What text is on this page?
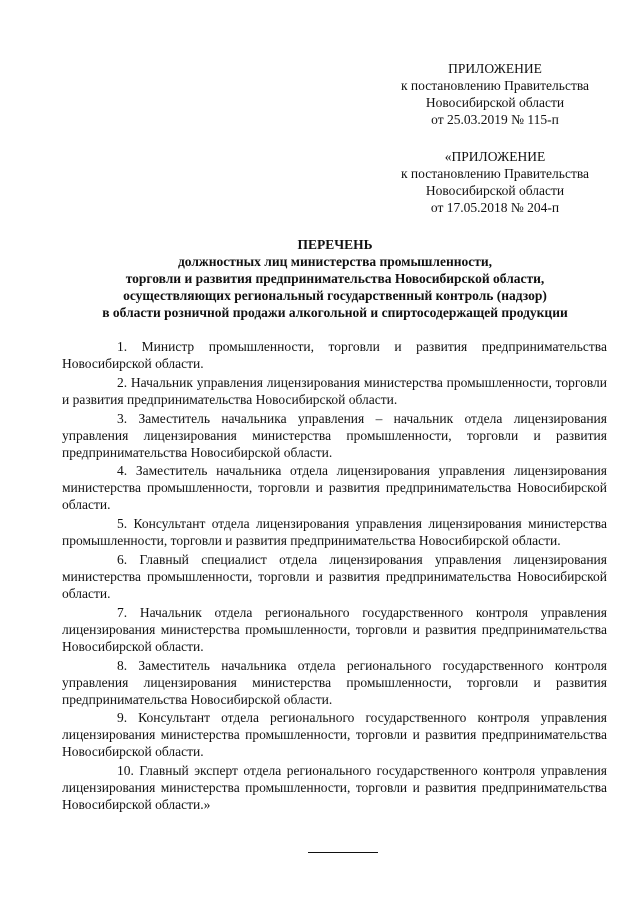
ПРИЛОЖЕНИЕ
к постановлению Правительства
Новосибирской области
от 25.03.2019 № 115-п
«ПРИЛОЖЕНИЕ
к постановлению Правительства
Новосибирской области
от 17.05.2018 № 204-п
ПЕРЕЧЕНЬ
должностных лиц министерства промышленности,
торговли и развития предпринимательства Новосибирской области,
осуществляющих региональный государственный контроль (надзор)
в области розничной продажи алкогольной и спиртосодержащей продукции

1. Министр промышленности, торговли и развития предпринимательства Новосибирской области.

2. Начальник управления лицензирования министерства промышленности, торговли и развития предпринимательства Новосибирской области.

3. Заместитель начальника управления – начальник отдела лицензирования управления лицензирования министерства промышленности, торговли и развития предпринимательства Новосибирской области.

4. Заместитель начальника отдела лицензирования управления лицензирования министерства промышленности, торговли и развития предпринимательства Новосибирской области.

5. Консультант отдела лицензирования управления лицензирования министерства промышленности, торговли и развития предпринимательства Новосибирской области.

6. Главный специалист отдела лицензирования управления лицензирования министерства промышленности, торговли и развития предпринимательства Новосибирской области.

7. Начальник отдела регионального государственного контроля управления лицензирования министерства промышленности, торговли и развития предпринимательства Новосибирской области.

8. Заместитель начальника отдела регионального государственного контроля управления лицензирования министерства промышленности, торговли и развития предпринимательства Новосибирской области.

9. Консультант отдела регионального государственного контроля управления лицензирования министерства промышленности, торговли и развития предпринимательства Новосибирской области.

10. Главный эксперт отдела регионального государственного контроля управления лицензирования министерства промышленности, торговли и развития предпринимательства Новосибирской области.»
